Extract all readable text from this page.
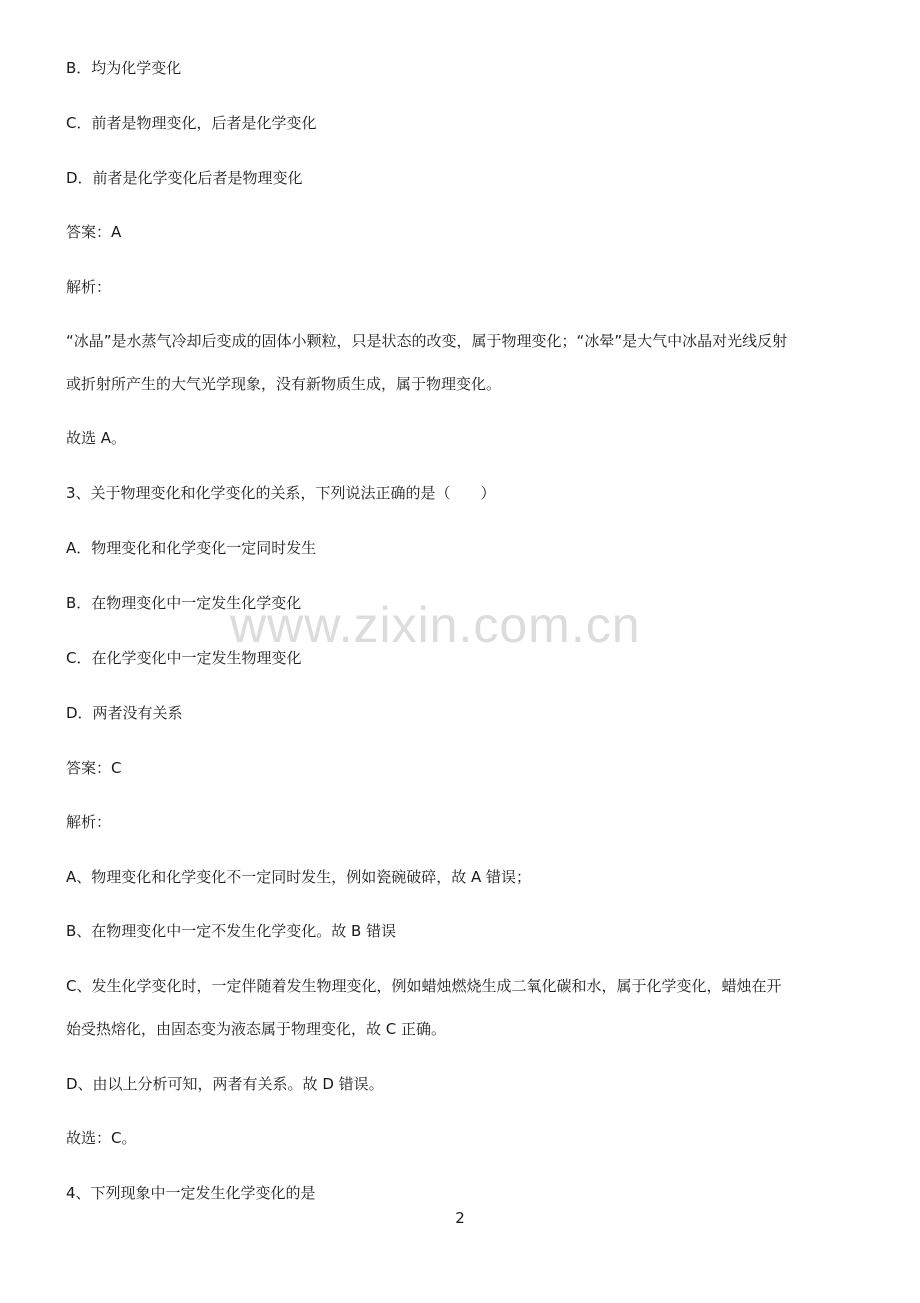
B．均为化学变化
C．前者是物理变化，后者是化学变化
D．前者是化学变化后者是物理变化
答案：A
解析：
“冰晶”是水蒸气冷却后变成的固体小颗粒，只是状态的改变，属于物理变化；“冰晕”是大气中冰晶对光线反射
或折射所产生的大气光学现象，没有新物质生成，属于物理变化。
故选 A。
3、关于物理变化和化学变化的关系，下列说法正确的是（　　）
A．物理变化和化学变化一定同时发生
B．在物理变化中一定发生化学变化
C．在化学变化中一定发生物理变化
D．两者没有关系
答案：C
解析：
A、物理变化和化学变化不一定同时发生，例如瓷碗破碎，故 A 错误；
B、在物理变化中一定不发生化学变化。故 B 错误
C、发生化学变化时，一定伴随着发生物理变化，例如蜡烛燃烧生成二氧化碳和水，属于化学变化，蜡烛在开
始受热熔化，由固态变为液态属于物理变化，故 C 正确。
D、由以上分析可知，两者有关系。故 D 错误。
故选：C。
4、下列现象中一定发生化学变化的是
www.zixin.com.cn
2
